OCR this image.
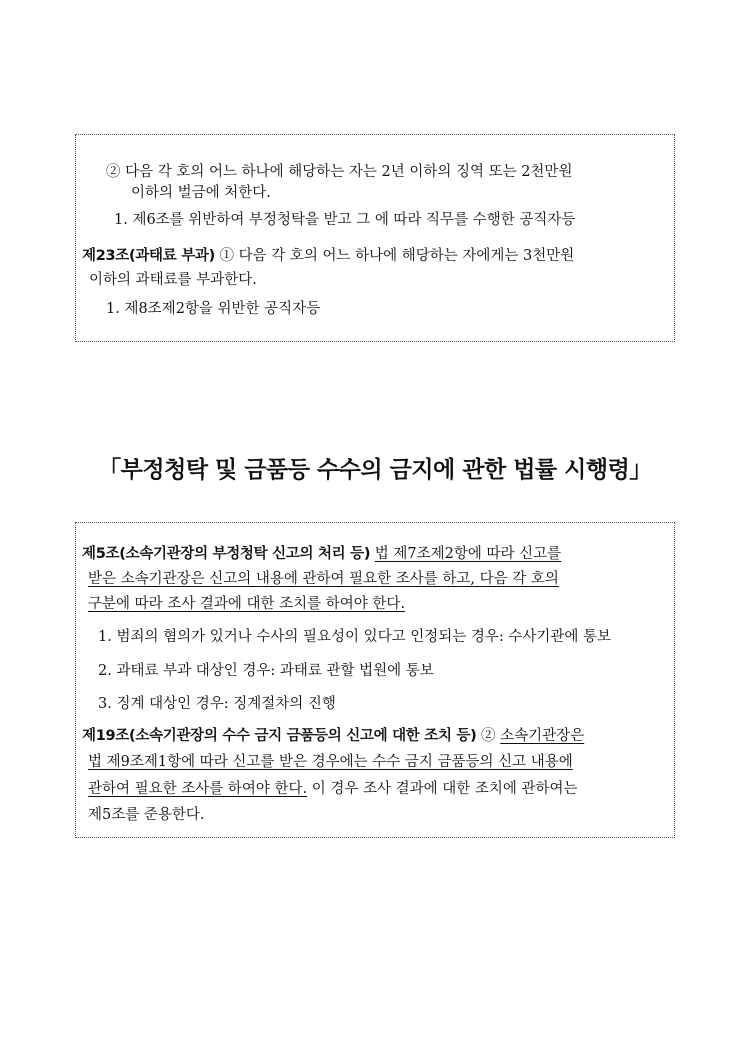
② 다음 각 호의 어느 하나에 해당하는 자는 2년 이하의 징역 또는 2천만원
이하의 벌금에 처한다.
1. 제6조를 위반하여 부정청탁을 받고 그 에 따라 직무를 수행한 공직자등
제23조(과태료 부과) ① 다음 각 호의 어느 하나에 해당하는 자에게는 3천만원
이하의 과태료를 부과한다.
1. 제8조제2항을 위반한 공직자등
「부정청탁 및 금품등 수수의 금지에 관한 법률 시행령」
제5조(소속기관장의 부정청탁 신고의 처리 등) 법 제7조제2항에 따라 신고를
받은 소속기관장은 신고의 내용에 관하여 필요한 조사를 하고, 다음 각 호의
구분에 따라 조사 결과에 대한 조치를 하여야 한다.
1. 범죄의 혐의가 있거나 수사의 필요성이 있다고 인정되는 경우: 수사기관에 통보
2. 과태료 부과 대상인 경우: 과태료 관할 법원에 통보
3. 징계 대상인 경우: 징계절차의 진행
제19조(소속기관장의 수수 금지 금품등의 신고에 대한 조치 등) ② 소속기관장은
법 제9조제1항에 따라 신고를 받은 경우에는 수수 금지 금품등의 신고 내용에
관하여 필요한 조사를 하여야 한다. 이 경우 조사 결과에 대한 조치에 관하여는
제5조를 준용한다.
